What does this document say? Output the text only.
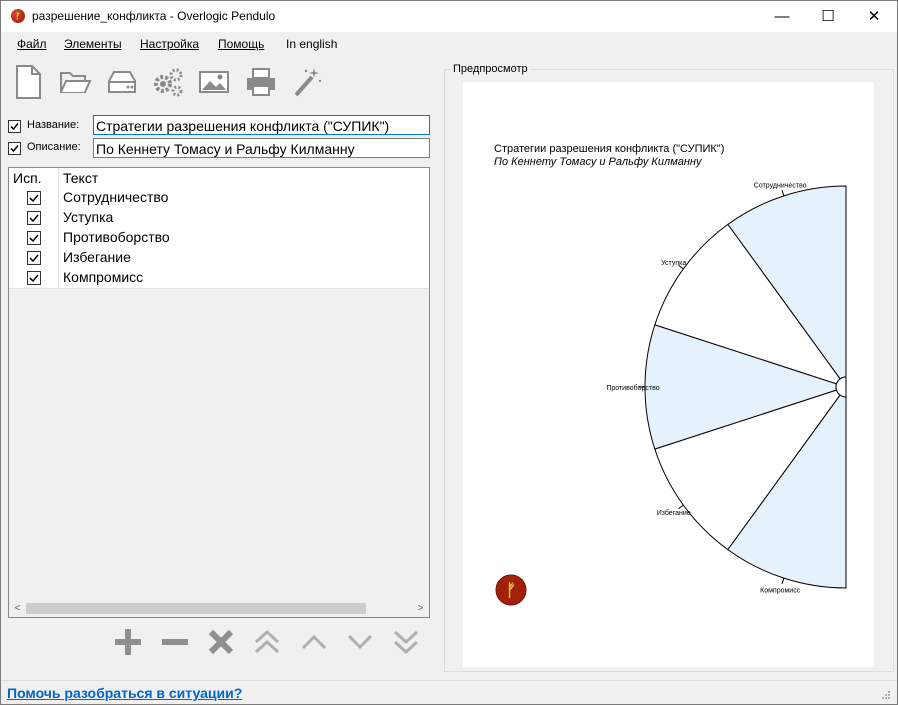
ᚠ разрешение_конфликта - Overlogic Pendulo	—	☐	✕
Файл Элементы Настройка Помощь In english
Название: Стратегии разрешения конфликта ("СУПИК")
Описание: По Кеннету Томасу и Ральфу Килманну
Исп. Текст
Сотрудничество
Уступка
Противоборство
Избегание
Компромисс
<	>
Предпросмотр
Стратегии разрешения конфликта ("СУПИК")
По Кеннету Томасу и Ральфу Килманну
Сотрудничество
Уступка
Противоборство
Избегание
Компромисс
ᚠ
Помочь разобраться в ситуации?
